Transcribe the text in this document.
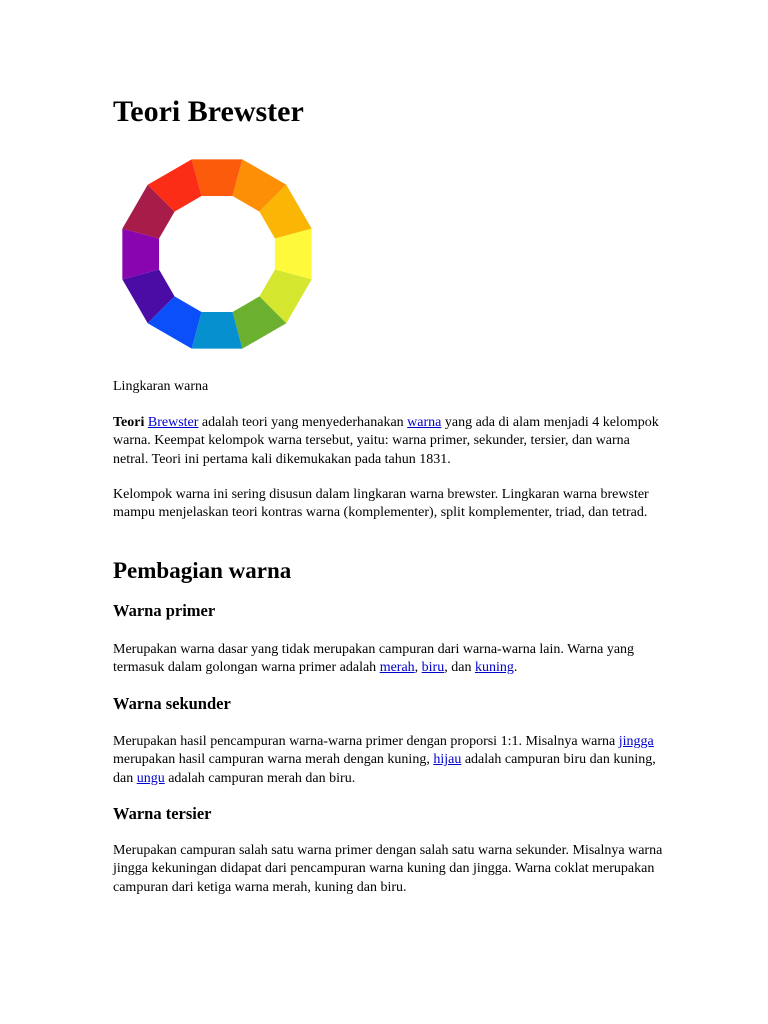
Teori Brewster
Lingkaran warna

Teori Brewster adalah teori yang menyederhanakan warna yang ada di alam menjadi 4 kelompok warna. Keempat kelompok warna tersebut, yaitu: warna primer, sekunder, tersier, dan warna netral. Teori ini pertama kali dikemukakan pada tahun 1831.

Kelompok warna ini sering disusun dalam lingkaran warna brewster. Lingkaran warna brewster mampu menjelaskan teori kontras warna (komplementer), split komplementer, triad, dan tetrad.

Pembagian warna
Warna primer

Merupakan warna dasar yang tidak merupakan campuran dari warna-warna lain. Warna yang termasuk dalam golongan warna primer adalah merah, biru, dan kuning.

Warna sekunder

Merupakan hasil pencampuran warna-warna primer dengan proporsi 1:1. Misalnya warna jingga merupakan hasil campuran warna merah dengan kuning, hijau adalah campuran biru dan kuning, dan ungu adalah campuran merah dan biru.

Warna tersier

Merupakan campuran salah satu warna primer dengan salah satu warna sekunder. Misalnya warna jingga kekuningan didapat dari pencampuran warna kuning dan jingga. Warna coklat merupakan campuran dari ketiga warna merah, kuning dan biru.
